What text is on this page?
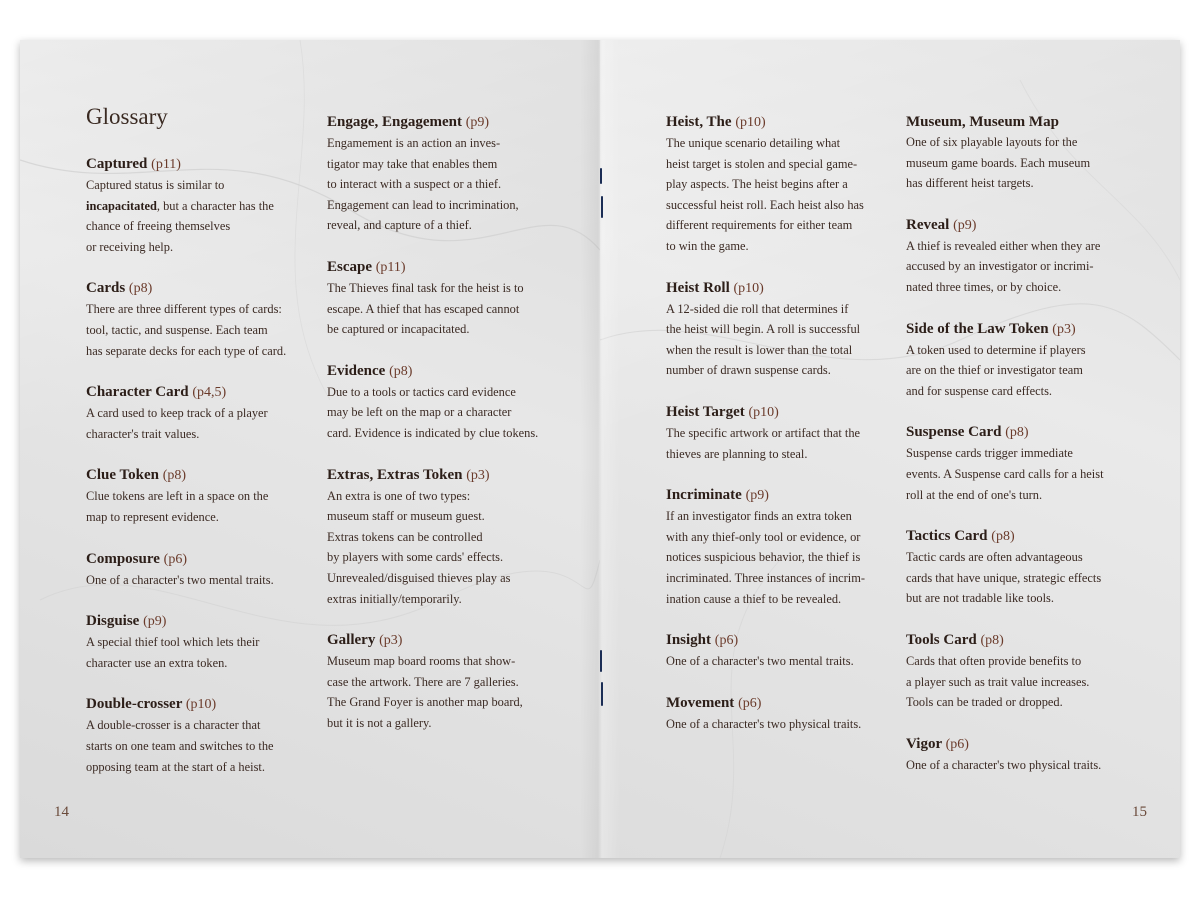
Glossary
Captured (p11)
Captured status is similar to
incapacitated, but a character has the
chance of freeing themselves
or receiving help.
Cards (p8)
There are three different types of cards:
tool, tactic, and suspense. Each team
has separate decks for each type of card.
Character Card (p4,5)
A card used to keep track of a player
character's trait values.
Clue Token (p8)
Clue tokens are left in a space on the
map to represent evidence.
Composure (p6)
One of a character's two mental traits.
Disguise (p9)
A special thief tool which lets their
character use an extra token.
Double-crosser (p10)
A double-crosser is a character that
starts on one team and switches to the
opposing team at the start of a heist.
Engage, Engagement (p9)
Engamement is an action an inves-
tigator may take that enables them
to interact with a suspect or a thief.
Engagement can lead to incrimination,
reveal, and capture of a thief.
Escape (p11)
The Thieves final task for the heist is to
escape. A thief that has escaped cannot
be captured or incapacitated.
Evidence (p8)
Due to a tools or tactics card evidence
may be left on the map or a character
card. Evidence is indicated by clue tokens.
Extras, Extras Token (p3)
An extra is one of two types:
museum staff or museum guest.
Extras tokens can be controlled
by players with some cards' effects.
Unrevealed/disguised thieves play as
extras initially/temporarily.
Gallery (p3)
Museum map board rooms that show-
case the artwork. There are 7 galleries.
The Grand Foyer is another map board,
but it is not a gallery.
14
Heist, The (p10)
The unique scenario detailing what
heist target is stolen and special game-
play aspects. The heist begins after a
successful heist roll. Each heist also has
different requirements for either team
to win the game.
Heist Roll (p10)
A 12-sided die roll that determines if
the heist will begin. A roll is successful
when the result is lower than the total
number of drawn suspense cards.
Heist Target (p10)
The specific artwork or artifact that the
thieves are planning to steal.
Incriminate (p9)
If an investigator finds an extra token
with any thief-only tool or evidence, or
notices suspicious behavior, the thief is
incriminated. Three instances of incrim-
ination cause a thief to be revealed.
Insight (p6)
One of a character's two mental traits.
Movement (p6)
One of a character's two physical traits.
Museum, Museum Map
One of six playable layouts for the
museum game boards. Each museum
has different heist targets.
Reveal (p9)
A thief is revealed either when they are
accused by an investigator or incrimi-
nated three times, or by choice.
Side of the Law Token (p3)
A token used to determine if players
are on the thief or investigator team
and for suspense card effects.
Suspense Card (p8)
Suspense cards trigger immediate
events. A Suspense card calls for a heist
roll at the end of one's turn.
Tactics Card (p8)
Tactic cards are often advantageous
cards that have unique, strategic effects
but are not tradable like tools.
Tools Card (p8)
Cards that often provide benefits to
a player such as trait value increases.
Tools can be traded or dropped.
Vigor (p6)
One of a character's two physical traits.
15
